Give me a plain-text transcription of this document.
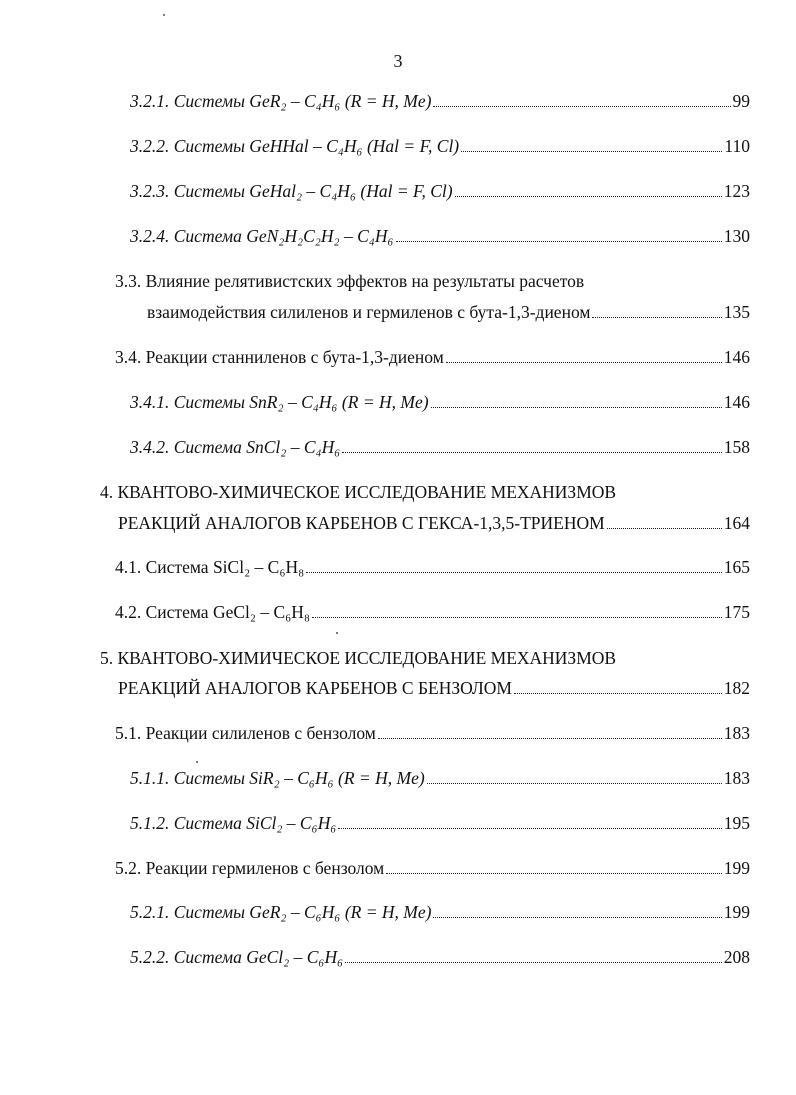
3
3.2.1. Системы GeR₂ – C₄H₆ (R = H, Me)	99
3.2.2. Системы GeHHal – C₄H₆ (Hal = F, Cl)	110
3.2.3. Системы GeHal₂ – C₄H₆ (Hal = F, Cl)	123
3.2.4. Система GeN₂H₂C₂H₂ – C₄H₆	130
3.3. Влияние релятивистских эффектов на результаты расчетов
взаимодействия силиленов и гермиленов с бута-1,3-диеном	135
3.4. Реакции станниленов с бута-1,3-диеном	146
3.4.1. Системы SnR₂ – C₄H₆ (R = H, Me)	146
3.4.2. Система SnCl₂ – C₄H₆	158
4. КВАНТОВО-ХИМИЧЕСКОЕ ИССЛЕДОВАНИЕ МЕХАНИЗМОВ
РЕАКЦИЙ АНАЛОГОВ КАРБЕНОВ С ГЕКСА-1,3,5-ТРИЕНОМ	164
4.1. Система SiCl₂ – C₆H₈	165
4.2. Система GeCl₂ – C₆H₈	175
5. КВАНТОВО-ХИМИЧЕСКОЕ ИССЛЕДОВАНИЕ МЕХАНИЗМОВ
РЕАКЦИЙ АНАЛОГОВ КАРБЕНОВ С БЕНЗОЛОМ	182
5.1. Реакции силиленов с бензолом	183
5.1.1. Системы SiR₂ – C₆H₆ (R = H, Me)	183
5.1.2. Система SiCl₂ – C₆H₆	195
5.2. Реакции гермиленов с бензолом	199
5.2.1. Системы GeR₂ – C₆H₆ (R = H, Me)	199
5.2.2. Система GeCl₂ – C₆H₆	208
